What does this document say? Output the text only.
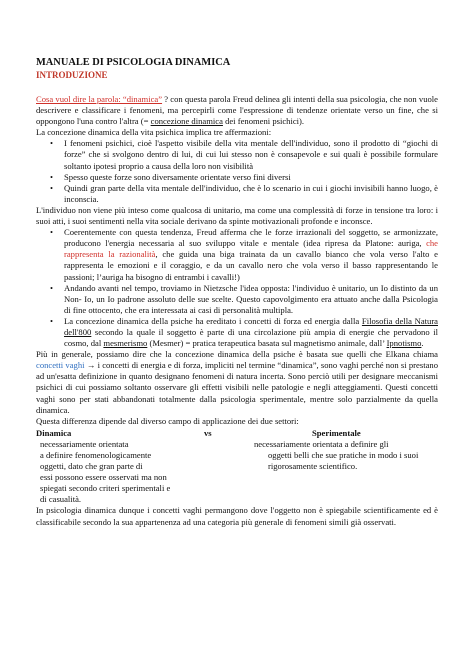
MANUALE DI PSICOLOGIA DINAMICA
INTRODUZIONE

Cosa vuol dire la parola: “dinamica” ? con questa parola Freud delinea gli intenti della sua psicologia, che non vuole descrivere e classificare i fenomeni, ma percepirli come l'espressione di tendenze orientate verso un fine, che si oppongono l'una contro l'altra (= concezione dinamica dei fenomeni psichici).

La concezione dinamica della vita psichica implica tre affermazioni:

• I fenomeni psichici, cioè l'aspetto visibile della vita mentale dell'individuo, sono il prodotto di “giochi di forze” che si svolgono dentro di lui, di cui lui stesso non è consapevole e sui quali è possibile formulare soltanto ipotesi proprio a causa della loro non visibilità
• Spesso queste forze sono diversamente orientate verso fini diversi
• Quindi gran parte della vita mentale dell'individuo, che è lo scenario in cui i giochi invisibili hanno luogo, è inconscia.

L'individuo non viene più inteso come qualcosa di unitario, ma come una complessità di forze in tensione tra loro: i suoi atti, i suoi sentimenti nella vita sociale derivano da spinte motivazionali profonde e inconsce.

• Coerentemente con questa tendenza, Freud afferma che le forze irrazionali del soggetto, se armonizzate, producono l'energia necessaria al suo sviluppo vitale e mentale (idea ripresa da Platone: auriga, che rappresenta la razionalità, che guida una biga trainata da un cavallo bianco che vola verso l'alto e rappresenta le emozioni e il coraggio, e da un cavallo nero che vola verso il basso rappresentando le passioni; l’auriga ha bisogno di entrambi i cavalli!)
• Andando avanti nel tempo, troviamo in Nietzsche l'idea opposta: l'individuo è unitario, un Io distinto da un Non- Io, un Io padrone assoluto delle sue scelte. Questo capovolgimento era attuato anche dalla Psicologia di fine ottocento, che era interessata ai casi di personalità multipla.
• La concezione dinamica della psiche ha ereditato i concetti di forza ed energia dalla Filosofia della Natura dell'800 secondo la quale il soggetto è parte di una circolazione più ampia di energie che pervadono il cosmo, dal mesmerismo (Mesmer) = pratica terapeutica basata sul magnetismo animale, dall’ Ipnotismo.

Più in generale, possiamo dire che la concezione dinamica della psiche è basata sue quelli che Elkana chiama concetti vaghi → i concetti di energia e di forza, impliciti nel termine “dinamica”, sono vaghi perché non si prestano ad un'esatta definizione in quanto designano fenomeni di natura incerta. Sono perciò utili per designare meccanismi psichici di cui possiamo soltanto osservare gli effetti visibili nelle patologie e negli atteggiamenti. Questi concetti vaghi sono per stati abbandonati totalmente dalla psicologia sperimentale, mentre solo parzialmente da quella dinamica.

Questa differenza dipende dal diverso campo di applicazione dei due settori:

Dinamica	vs	Sperimentale
necessariamente orientata
a definire fenomenologicamente
oggetti, dato che gran parte di
essi possono essere osservati ma non
spiegati secondo criteri sperimentali e
di casualità.
necessariamente orientata a definire gli
oggetti belli che sue pratiche in modo i suoi
rigorosamente scientifico.

In psicologia dinamica dunque i concetti vaghi permangono dove l'oggetto non è spiegabile scientificamente ed è classificabile secondo la sua appartenenza ad una categoria più generale di fenomeni simili già osservati.
